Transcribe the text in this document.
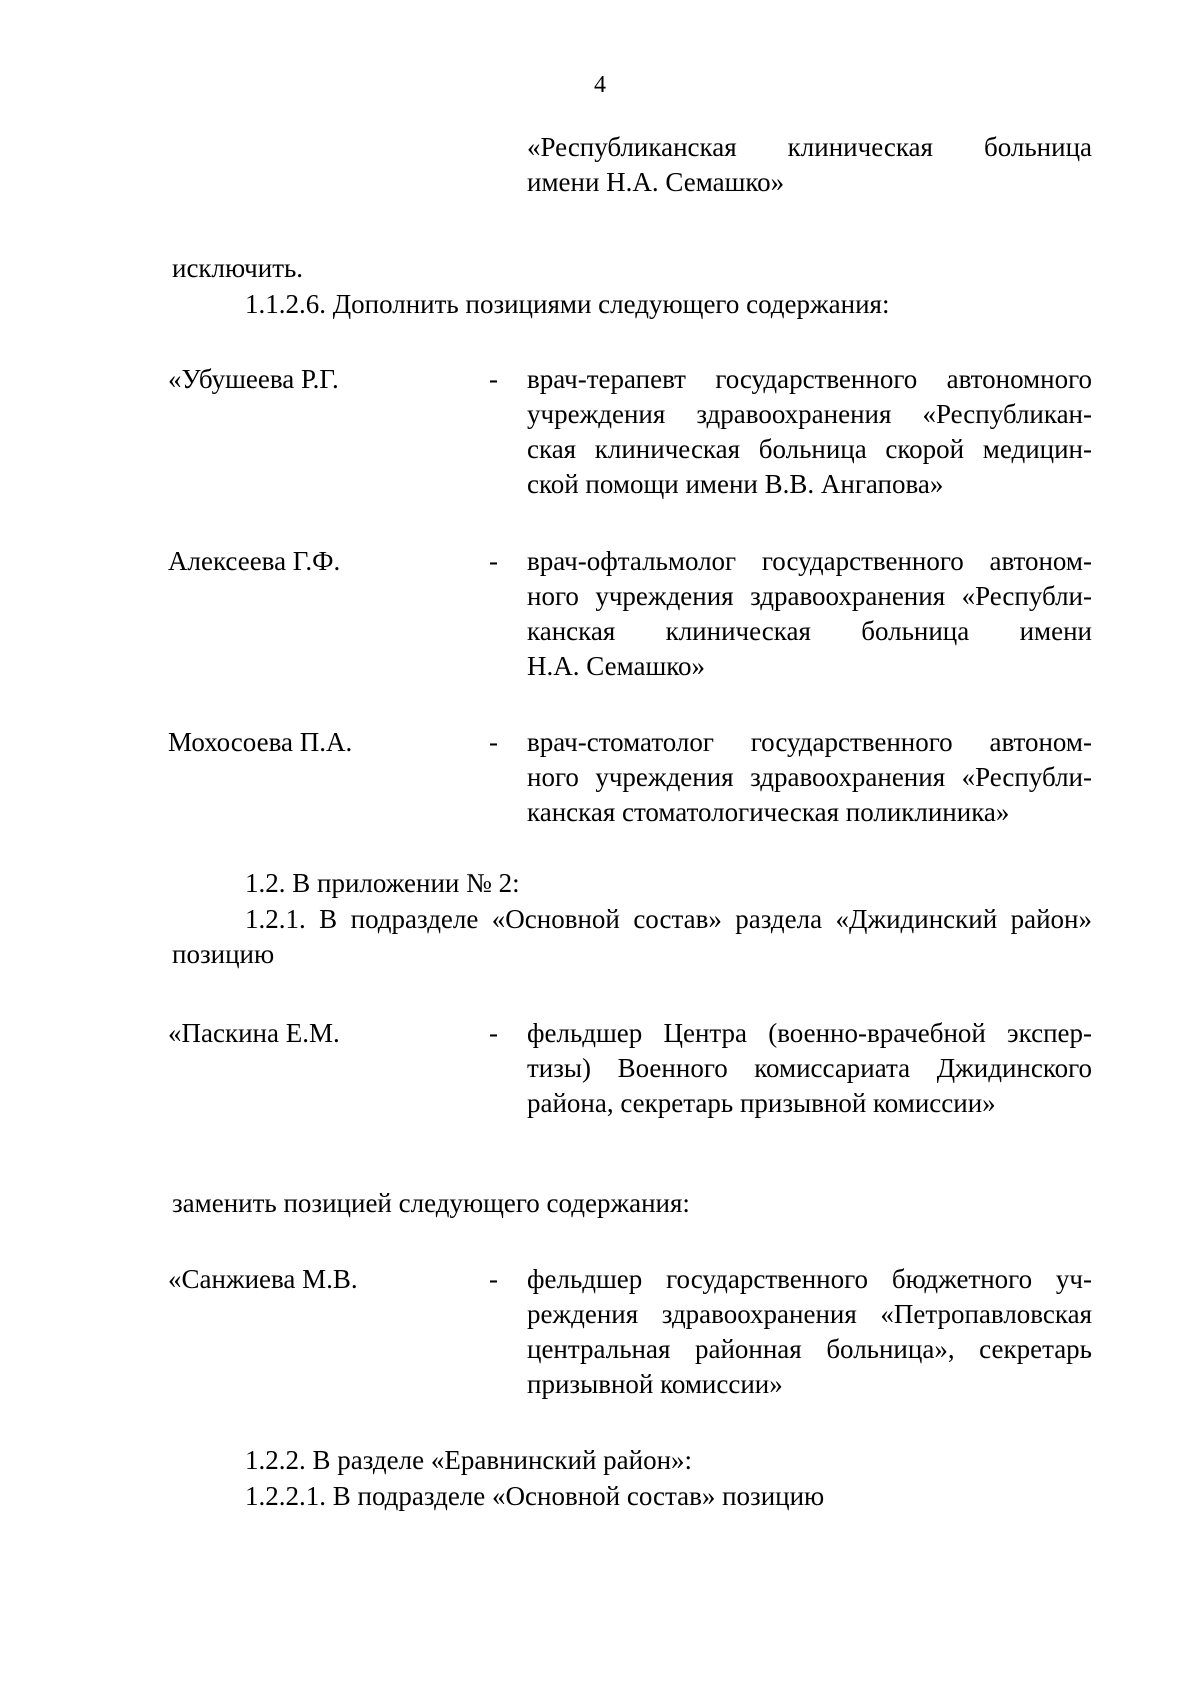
4
«Республиканская клиническая больница
имени Н.А. Семашко»
исключить.
1.1.2.6. Дополнить позициями следующего содержания:
«Убушеева Р.Г.	- врач-терапевт государственного автономного
учреждения здравоохранения «Республикан-
ская клиническая больница скорой медицин-
ской помощи имени В.В. Ангапова»
Алексеева Г.Ф.	- врач-офтальмолог государственного автоном-
ного учреждения здравоохранения «Республи-
канская клиническая больница имени
Н.А. Семашко»
Мохосоева П.А.	- врач-стоматолог государственного автоном-
ного учреждения здравоохранения «Республи-
канская стоматологическая поликлиника»
1.2. В приложении № 2:
1.2.1. В подразделе «Основной состав» раздела «Джидинский район»
позицию
«Паскина Е.М.	- фельдшер Центра (военно-врачебной экспер-
тизы) Военного комиссариата Джидинского
района, секретарь призывной комиссии»
заменить позицией следующего содержания:
«Санжиева М.В.	- фельдшер государственного бюджетного уч-
реждения здравоохранения «Петропавловская
центральная районная больница», секретарь
призывной комиссии»
1.2.2. В разделе «Еравнинский район»:
1.2.2.1. В подразделе «Основной состав» позицию
